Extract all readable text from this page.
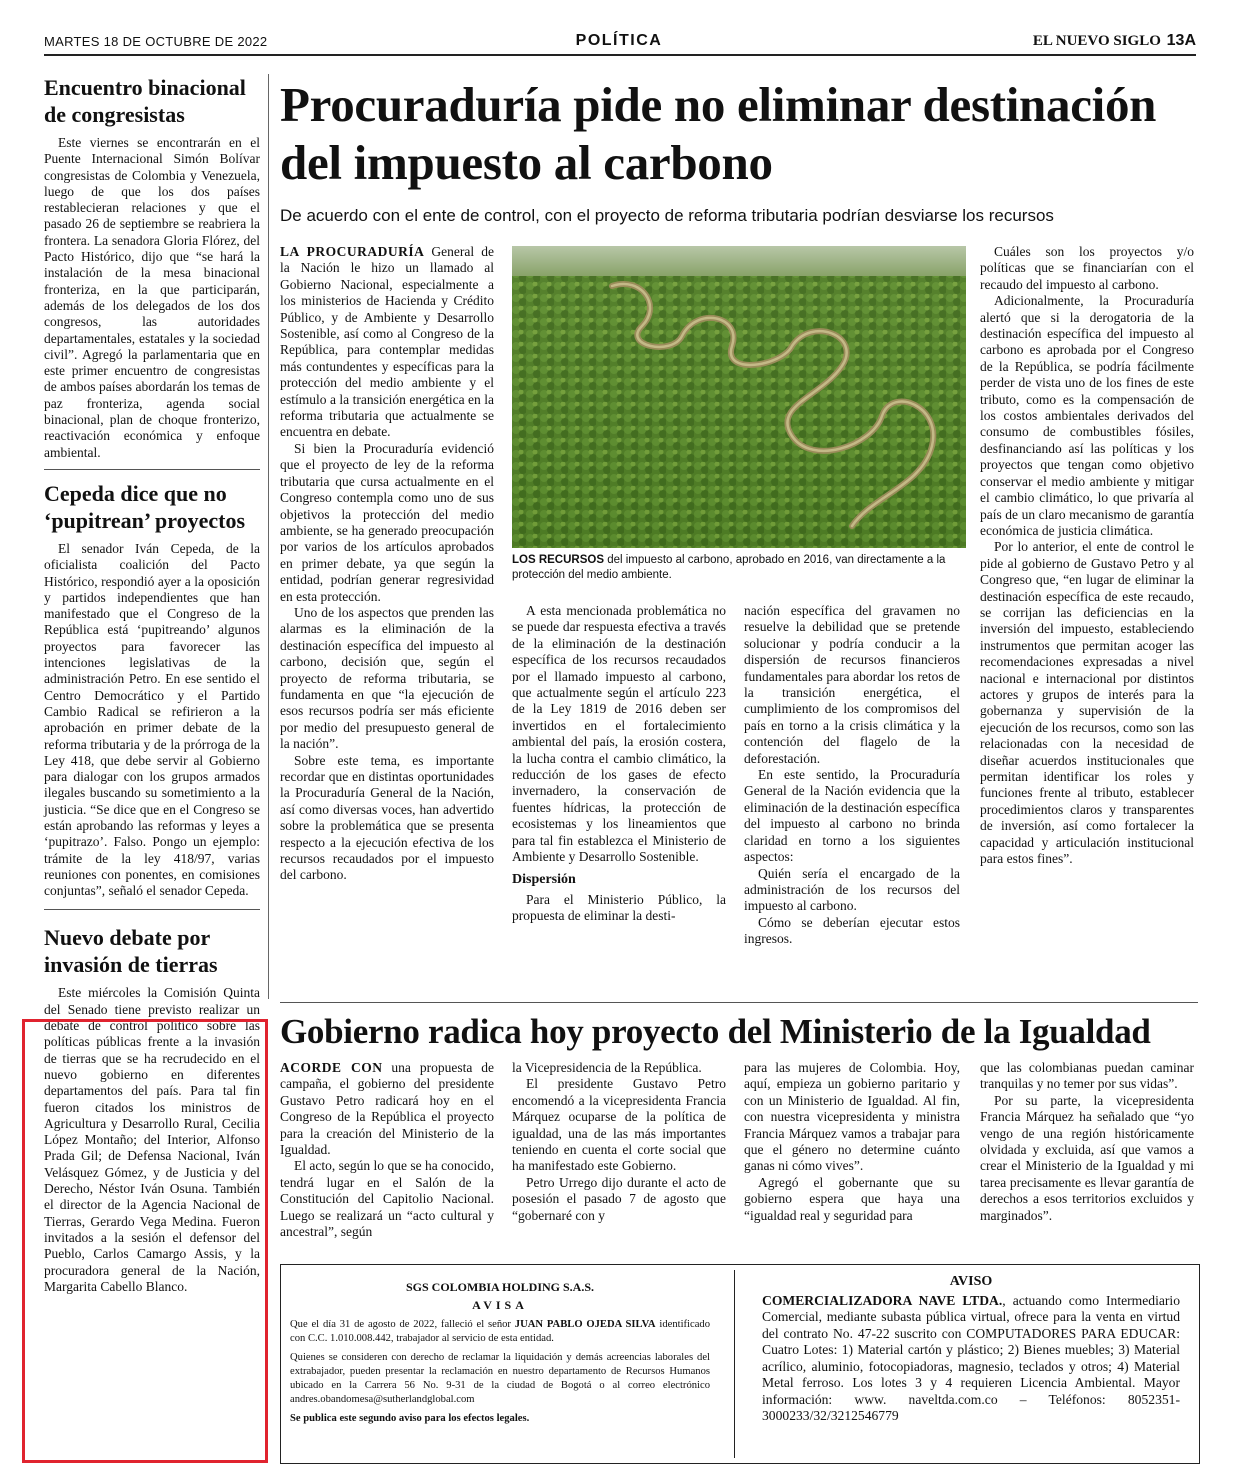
MARTES 18 DE OCTUBRE DE 2022	POLÍTICA	EL NUEVO SIGLO 13A
Encuentro binacional de congresistas

Este viernes se encontrarán en el Puente Internacional Simón Bolívar congresistas de Colombia y Venezuela, luego de que los dos países restablecieran relaciones y que el pasado 26 de septiembre se reabriera la frontera. La senadora Gloria Flórez, del Pacto Histórico, dijo que “se hará la instalación de la mesa binacional fronteriza, en la que participarán, además de los delegados de los dos congresos, las autoridades departamentales, estatales y la sociedad civil”. Agregó la parlamentaria que en este primer encuentro de congresistas de ambos países abordarán los temas de paz fronteriza, agenda social binacional, plan de choque fronterizo, reactivación económica y enfoque ambiental.

Cepeda dice que no ‘pupitrean’ proyectos

El senador Iván Cepeda, de la oficialista coalición del Pacto Histórico, respondió ayer a la oposición y partidos independientes que han manifestado que el Congreso de la República está ‘pupitreando’ algunos proyectos para favorecer las intenciones legislativas de la administración Petro. En ese sentido el Centro Democrático y el Partido Cambio Radical se refirieron a la aprobación en primer debate de la reforma tributaria y de la prórroga de la Ley 418, que debe servir al Gobierno para dialogar con los grupos armados ilegales buscando su sometimiento a la justicia. “Se dice que en el Congreso se están aprobando las reformas y leyes a ‘pupitrazo’. Falso. Pongo un ejemplo: trámite de la ley 418/97, varias reuniones con ponentes, en comisiones conjuntas”, señaló el senador Cepeda.

Nuevo debate por invasión de tierras

Este miércoles la Comisión Quinta del Senado tiene previsto realizar un debate de control político sobre las políticas públicas frente a la invasión de tierras que se ha recrudecido en el nuevo gobierno en diferentes departamentos del país. Para tal fin fueron citados los ministros de Agricultura y Desarrollo Rural, Cecilia López Montaño; del Interior, Alfonso Prada Gil; de Defensa Nacional, Iván Velásquez Gómez, y de Justicia y del Derecho, Néstor Iván Osuna. También el director de la Agencia Nacional de Tierras, Gerardo Vega Medina. Fueron invitados a la sesión el defensor del Pueblo, Carlos Camargo Assis, y la procuradora general de la Nación, Margarita Cabello Blanco.

Procuraduría pide no eliminar destinación del impuesto al carbono
De acuerdo con el ente de control, con el proyecto de reforma tributaria podrían desviarse los recursos

LA PROCURADURÍA General de la Nación le hizo un llamado al Gobierno Nacional, especialmente a los ministerios de Hacienda y Crédito Público, y de Ambiente y Desarrollo Sostenible, así como al Congreso de la República, para contemplar medidas más contundentes y específicas para la protección del medio ambiente y el estímulo a la transición energética en la reforma tributaria que actualmente se encuentra en debate.

Si bien la Procuraduría evidenció que el proyecto de ley de la reforma tributaria que cursa actualmente en el Congreso contempla como uno de sus objetivos la protección del medio ambiente, se ha generado preocupación por varios de los artículos aprobados en primer debate, ya que según la entidad, podrían generar regresividad en esta protección.

Uno de los aspectos que prenden las alarmas es la eliminación de la destinación específica del impuesto al carbono, decisión que, según el proyecto de reforma tributaria, se fundamenta en que “la ejecución de esos recursos podría ser más eficiente por medio del presupuesto general de la nación”.

Sobre este tema, es importante recordar que en distintas oportunidades la Procuraduría General de la Nación, así como diversas voces, han advertido sobre la problemática que se presenta respecto a la ejecución efectiva de los recursos recaudados por el impuesto del carbono.

LOS RECURSOS del impuesto al carbono, aprobado en 2016, van directamente a la protección del medio ambiente.

A esta mencionada problemática no se puede dar respuesta efectiva a través de la eliminación de la destinación específica de los recursos recaudados por el llamado impuesto al carbono, que actualmente según el artículo 223 de la Ley 1819 de 2016 deben ser invertidos en el fortalecimiento ambiental del país, la erosión costera, la lucha contra el cambio climático, la reducción de los gases de efecto invernadero, la conservación de fuentes hídricas, la protección de ecosistemas y los lineamientos que para tal fin establezca el Ministerio de Ambiente y Desarrollo Sostenible.

Dispersión

Para el Ministerio Público, la propuesta de eliminar la desti-

nación específica del gravamen no resuelve la debilidad que se pretende solucionar y podría conducir a la dispersión de recursos financieros fundamentales para abordar los retos de la transición energética, el cumplimiento de los compromisos del país en torno a la crisis climática y la contención del flagelo de la deforestación.

En este sentido, la Procuraduría General de la Nación evidencia que la eliminación de la destinación específica del impuesto al carbono no brinda claridad en torno a los siguientes aspectos:

Quién sería el encargado de la administración de los recursos del impuesto al carbono.

Cómo se deberían ejecutar estos ingresos.

Cuáles son los proyectos y/o políticas que se financiarían con el recaudo del impuesto al carbono.

Adicionalmente, la Procuraduría alertó que si la derogatoria de la destinación específica del impuesto al carbono es aprobada por el Congreso de la República, se podría fácilmente perder de vista uno de los fines de este tributo, como es la compensación de los costos ambientales derivados del consumo de combustibles fósiles, desfinanciando así las políticas y los proyectos que tengan como objetivo conservar el medio ambiente y mitigar el cambio climático, lo que privaría al país de un claro mecanismo de garantía económica de justicia climática.

Por lo anterior, el ente de control le pide al gobierno de Gustavo Petro y al Congreso que, “en lugar de eliminar la destinación específica de este recaudo, se corrijan las deficiencias en la inversión del impuesto, estableciendo instrumentos que permitan acoger las recomendaciones expresadas a nivel nacional e internacional por distintos actores y grupos de interés para la gobernanza y supervisión de la ejecución de los recursos, como son las relacionadas con la necesidad de diseñar acuerdos institucionales que permitan identificar los roles y funciones frente al tributo, establecer procedimientos claros y transparentes de inversión, así como fortalecer la capacidad y articulación institucional para estos fines”.

Gobierno radica hoy proyecto del Ministerio de la Igualdad

ACORDE CON una propuesta de campaña, el gobierno del presidente Gustavo Petro radicará hoy en el Congreso de la República el proyecto para la creación del Ministerio de la Igualdad.

El acto, según lo que se ha conocido, tendrá lugar en el Salón de la Constitución del Capitolio Nacional. Luego se realizará un “acto cultural y ancestral”, según

la Vicepresidencia de la República.

El presidente Gustavo Petro encomendó a la vicepresidenta Francia Márquez ocuparse de la política de igualdad, una de las más importantes teniendo en cuenta el corte social que ha manifestado este Gobierno.

Petro Urrego dijo durante el acto de posesión el pasado 7 de agosto que “gobernaré con y

para las mujeres de Colombia. Hoy, aquí, empieza un gobierno paritario y con un Ministerio de Igualdad. Al fin, con nuestra vicepresidenta y ministra Francia Márquez vamos a trabajar para que el género no determine cuánto ganas ni cómo vives”.

Agregó el gobernante que su gobierno espera que haya una “igualdad real y seguridad para

que las colombianas puedan caminar tranquilas y no temer por sus vidas”.

Por su parte, la vicepresidenta Francia Márquez ha señalado que “yo vengo de una región históricamente olvidada y excluida, así que vamos a crear el Ministerio de la Igualdad y mi tarea precisamente es llevar garantía de derechos a esos territorios excluidos y marginados”.

SGS COLOMBIA HOLDING S.A.S.
AVISA

Que el día 31 de agosto de 2022, falleció el señor JUAN PABLO OJEDA SILVA identificado con C.C. 1.010.008.442, trabajador al servicio de esta entidad.

Quienes se consideren con derecho de reclamar la liquidación y demás acreencias laborales del extrabajador, pueden presentar la reclamación en nuestro departamento de Recursos Humanos ubicado en la Carrera 56 No. 9-31 de la ciudad de Bogotá o al correo electrónico andres.obandomesa@sutherlandglobal.com

Se publica este segundo aviso para los efectos legales.

AVISO

COMERCIALIZADORA NAVE LTDA., actuando como Intermediario Comercial, mediante subasta pública virtual, ofrece para la venta en virtud del contrato No. 47-22 suscrito con COMPUTADORES PARA EDUCAR: Cuatro Lotes: 1) Material cartón y plástico; 2) Bienes muebles; 3) Material acrílico, aluminio, fotocopiadoras, magnesio, teclados y otros; 4) Material Metal ferroso. Los lotes 3 y 4 requieren Licencia Ambiental. Mayor información: www. naveltda.com.co – Teléfonos: 8052351- 3000233/32/3212546779
